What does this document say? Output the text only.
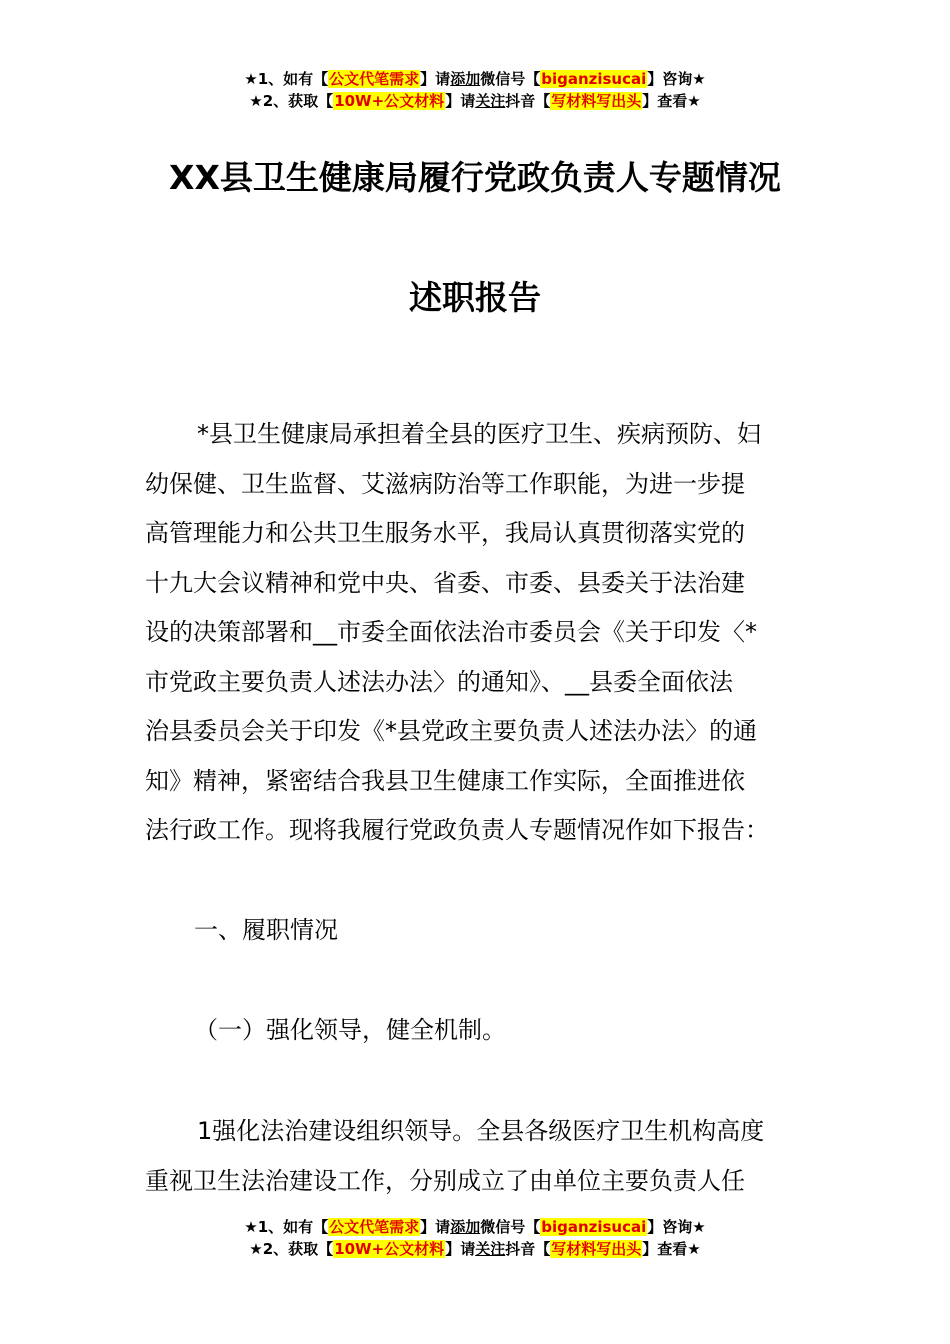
★1、如有【公文代笔需求】请添加微信号【biganzisucai】咨询★
★2、获取【10W+公文材料】请关注抖音【写材料写出头】查看★
XX县卫生健康局履行党政负责人专题情况
述职报告
*县卫生健康局承担着全县的医疗卫生、疾病预防、妇
幼保健、卫生监督、艾滋病防治等工作职能，为进一步提
高管理能力和公共卫生服务水平，我局认真贯彻落实党的
十九大会议精神和党中央、省委、市委、县委关于法治建
设的决策部署和__市委全面依法治市委员会《关于印发〈*
市党政主要负责人述法办法〉的通知》、__县委全面依法
治县委员会关于印发《*县党政主要负责人述法办法〉的通
知》精神，紧密结合我县卫生健康工作实际，全面推进依
法行政工作。现将我履行党政负责人专题情况作如下报告：
一、履职情况
（一）强化领导，健全机制。
1强化法治建设组织领导。全县各级医疗卫生机构高度
重视卫生法治建设工作，分别成立了由单位主要负责人任
★1、如有【公文代笔需求】请添加微信号【biganzisucai】咨询★
★2、获取【10W+公文材料】请关注抖音【写材料写出头】查看★
